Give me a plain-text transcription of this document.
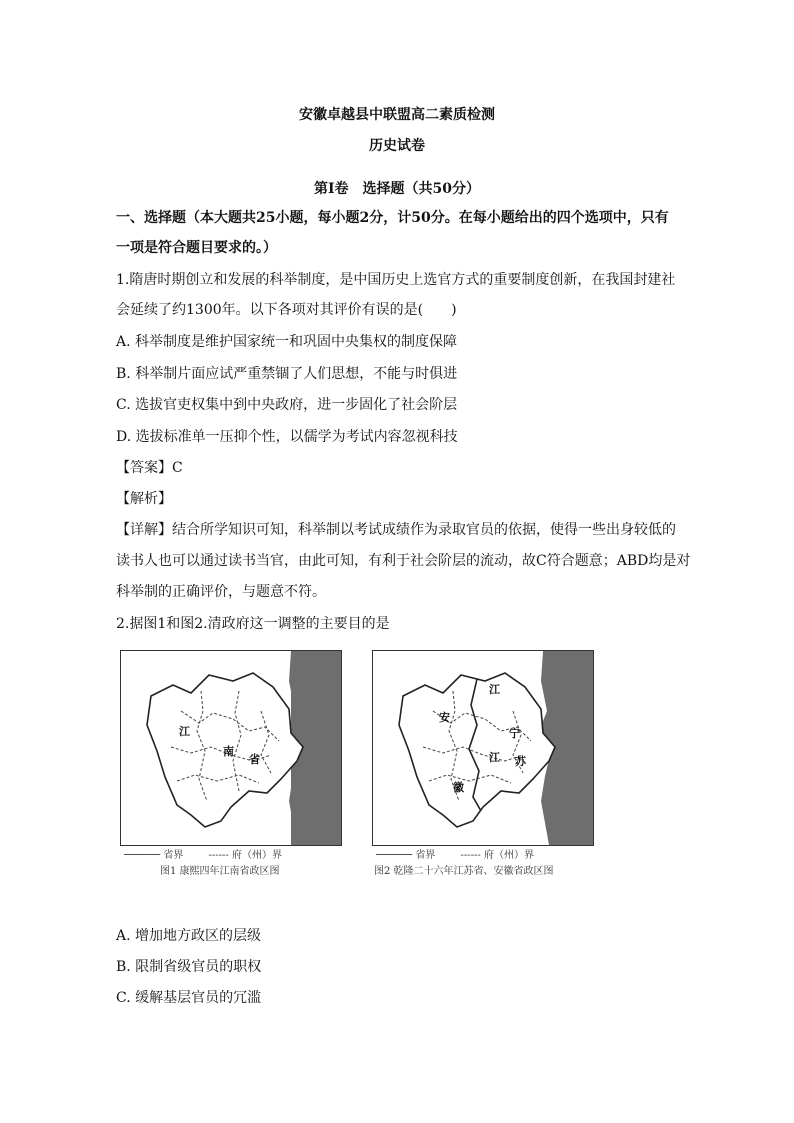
安徽卓越县中联盟高二素质检测
历史试卷
第Ⅰ卷　选择题（共50分）
一、选择题（本大题共25小题，每小题2分，计50分。在每小题给出的四个选项中，只有
一项是符合题目要求的。）
1.隋唐时期创立和发展的科举制度，是中国历史上选官方式的重要制度创新，在我国封建社
会延续了约1300年。以下各项对其评价有误的是(　　)
A. 科举制度是维护国家统一和巩固中央集权的制度保障
B. 科举制片面应试严重禁锢了人们思想，不能与时俱进
C. 选拔官吏权集中到中央政府，进一步固化了社会阶层
D. 选拔标准单一压抑个性，以儒学为考试内容忽视科技
【答案】C
【解析】
【详解】结合所学知识可知，科举制以考试成绩作为录取官员的依据，使得一些出身较低的
读书人也可以通过读书当官，由此可知，有利于社会阶层的流动，故C符合题意；ABD均是对
科举制的正确评价，与题意不符。
2.据图1和图2.清政府这一调整的主要目的是
江
南
省
────── 省界	------ 府（州）界
图1 康熙四年江南省政区图
安
徽
江
宁
江 苏
────── 省界	------ 府（州）界
图2 乾隆二十六年江苏省、安徽省政区图
A. 增加地方政区的层级
B. 限制省级官员的职权
C. 缓解基层官员的冗滥
